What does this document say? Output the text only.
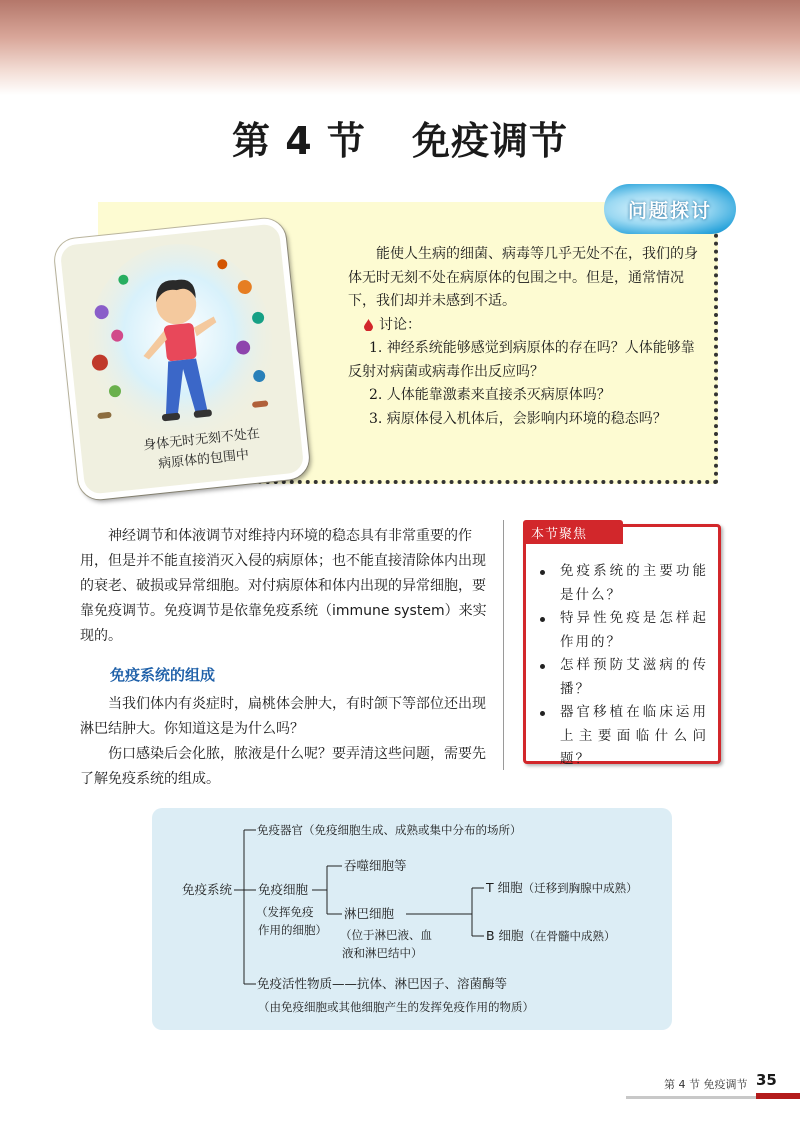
第 4 节 免疫调节
问题探讨
身体无时无刻不处在
病原体的包围中

能使人生病的细菌、病毒等几乎无处不在，我们的身体无时无刻不处在病原体的包围之中。但是，通常情况下，我们却并未感到不适。

讨论：

1. 神经系统能够感觉到病原体的存在吗？人体能够靠反射对病菌或病毒作出反应吗？

2. 人体能靠激素来直接杀灭病原体吗？

3. 病原体侵入机体后，会影响内环境的稳态吗？

神经调节和体液调节对维持内环境的稳态具有非常重要的作用，但是并不能直接消灭入侵的病原体；也不能直接清除体内出现的衰老、破损或异常细胞。对付病原体和体内出现的异常细胞，要靠免疫调节。免疫调节是依靠免疫系统（immune system）来实现的。

免疫系统的组成

当我们体内有炎症时，扁桃体会肿大，有时颌下等部位还出现淋巴结肿大。你知道这是为什么吗？

伤口感染后会化脓，脓液是什么呢？要弄清这些问题，需要先了解免疫系统的组成。

本节聚焦
免疫系统的主要功能是什么？
特异性免疫是怎样起作用的？
怎样预防艾滋病的传播？
器官移植在临床运用上主要面临什么问题？
免疫系统
免疫器官（免疫细胞生成、成熟或集中分布的场所）
免疫细胞
（发挥免疫
作用的细胞）
吞噬细胞等
淋巴细胞
（位于淋巴液、血
液和淋巴结中）
T 细胞（迁移到胸腺中成熟）
B 细胞（在骨髓中成熟）
免疫活性物质——抗体、淋巴因子、溶菌酶等
（由免疫细胞或其他细胞产生的发挥免疫作用的物质）
第 4 节 免疫调节 35
